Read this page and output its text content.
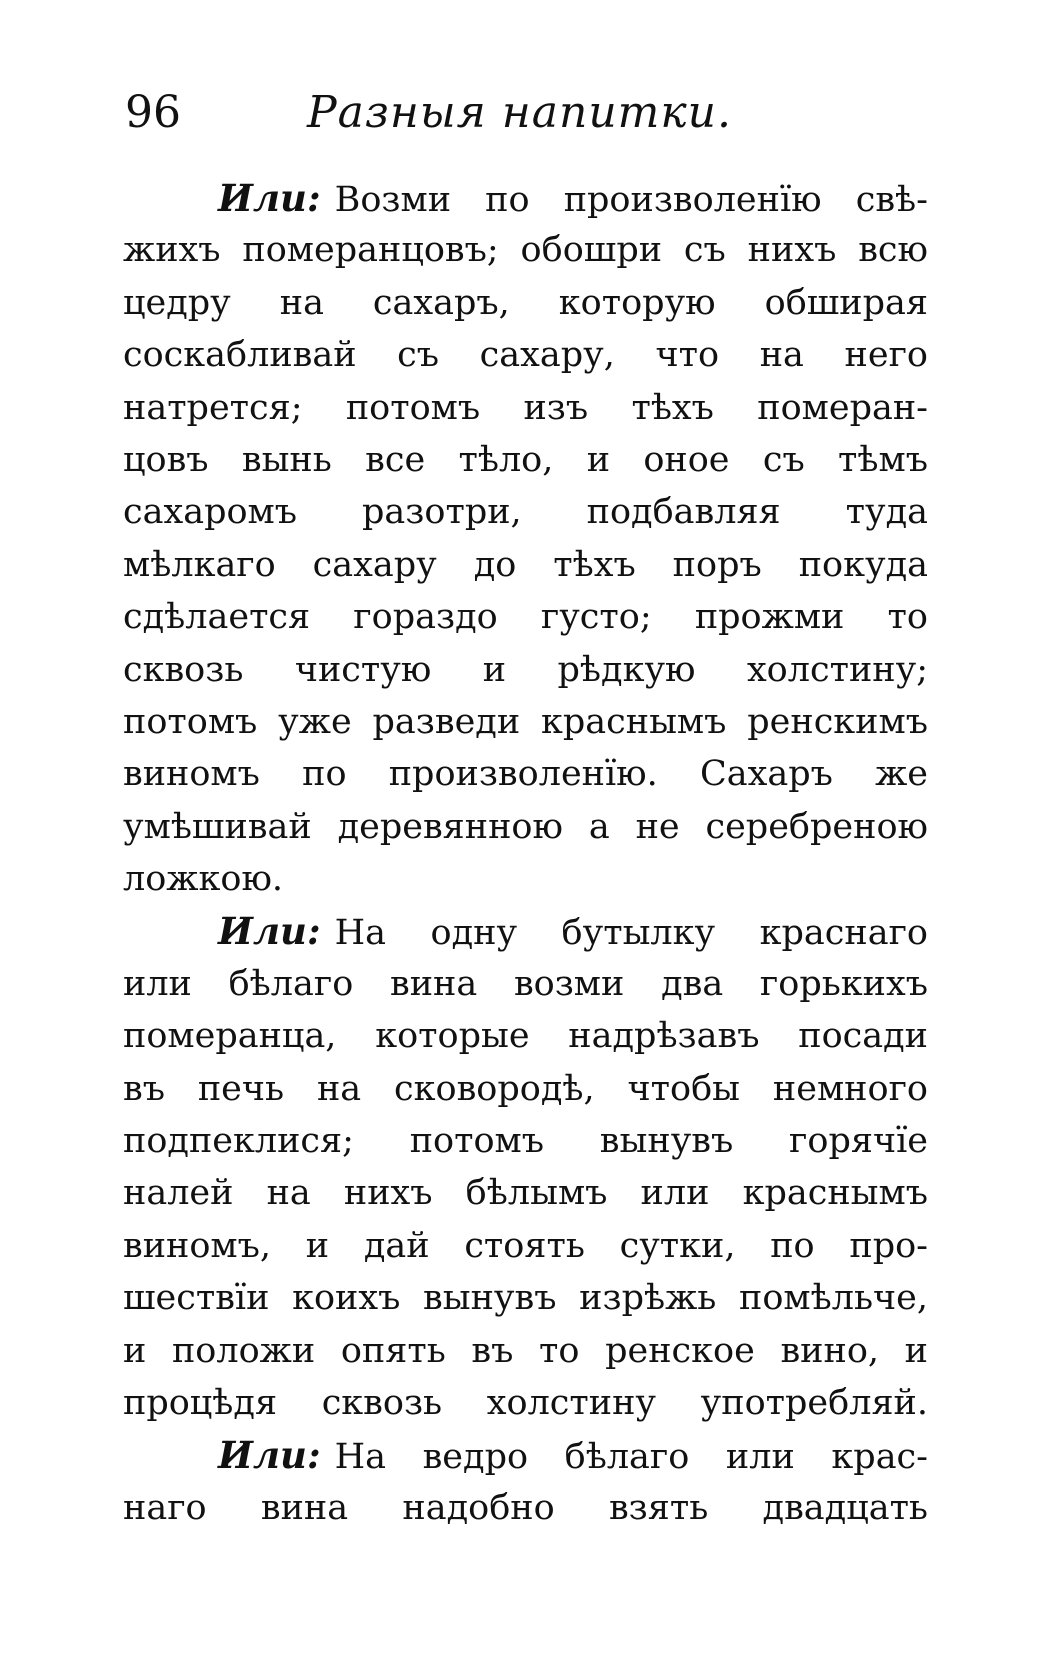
96	Разныя напитки.
Или: Возми по произволенїю свѣ-
жихъ померанцовъ; обошри съ нихъ всю
цедру на сахаръ, которую обширая
соскабливай съ сахару, что на него
натрется; потомъ изъ тѣхъ померан-
цовъ вынь все тѣло, и оное съ тѣмъ
сахаромъ разотри, подбавляя туда
мѣлкаго сахару до тѣхъ поръ покуда
сдѣлается гораздо густо; прожми то
сквозь чистую и рѣдкую холстину;
потомъ уже разведи краснымъ ренскимъ
виномъ по произволенїю. Сахаръ же
умѣшивай деревянною а не серебреною
ложкою.
Или: На одну бутылку краснаго
или бѣлаго вина возми два горькихъ
померанца, которые надрѣзавъ посади
въ печь на сковородѣ, чтобы немного
подпеклися; потомъ вынувъ горячїе
налей на нихъ бѣлымъ или краснымъ
виномъ, и дай стоять сутки, по про-
шествїи коихъ вынувъ изрѣжь помѣльче,
и положи опять въ то ренское вино, и
процѣдя сквозь холстину употребляй.
Или: На ведро бѣлаго или крас-
наго вина надобно взять двадцать
